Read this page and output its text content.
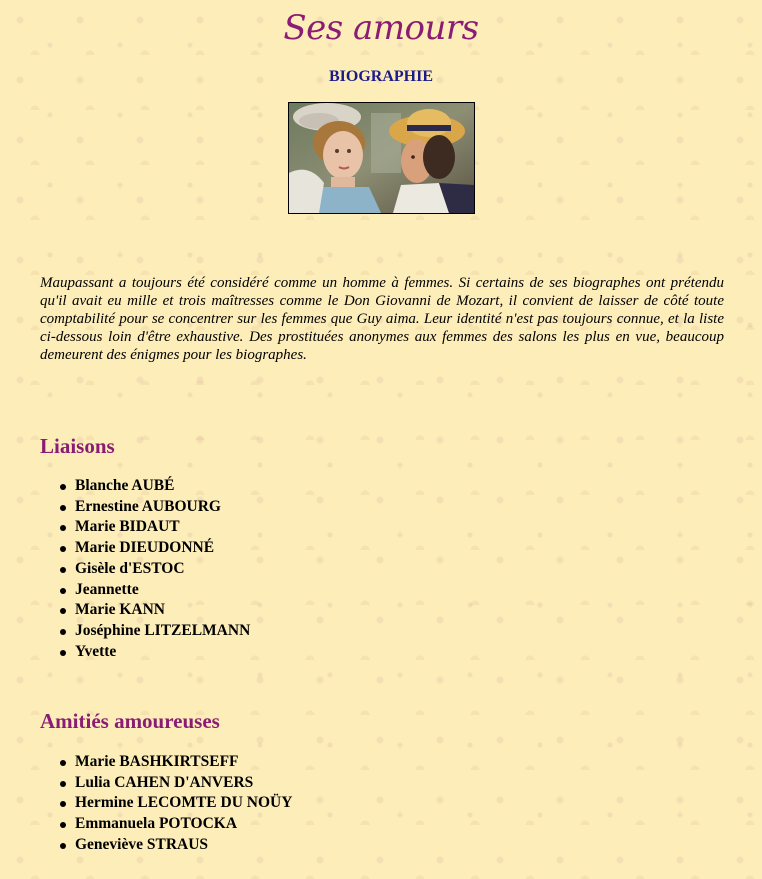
Ses amours
BIOGRAPHIE

Maupassant a toujours été considéré comme un homme à femmes. Si certains de ses biographes ont prétendu qu'il avait eu mille et trois maîtresses comme le Don Giovanni de Mozart, il convient de laisser de côté toute comptabilité pour se concentrer sur les femmes que Guy aima. Leur identité n'est pas toujours connue, et la liste ci-dessous loin d'être exhaustive. Des prostituées anonymes aux femmes des salons les plus en vue, beaucoup demeurent des énigmes pour les biographes.

Liaisons
Blanche AUBÉ
Ernestine AUBOURG
Marie BIDAUT
Marie DIEUDONNÉ
Gisèle d'ESTOC
Jeannette
Marie KANN
Joséphine LITZELMANN
Yvette
Amitiés amoureuses
Marie BASHKIRTSEFF
Lulia CAHEN D'ANVERS
Hermine LECOMTE DU NOÜY
Emmanuela POTOCKA
Geneviève STRAUS
